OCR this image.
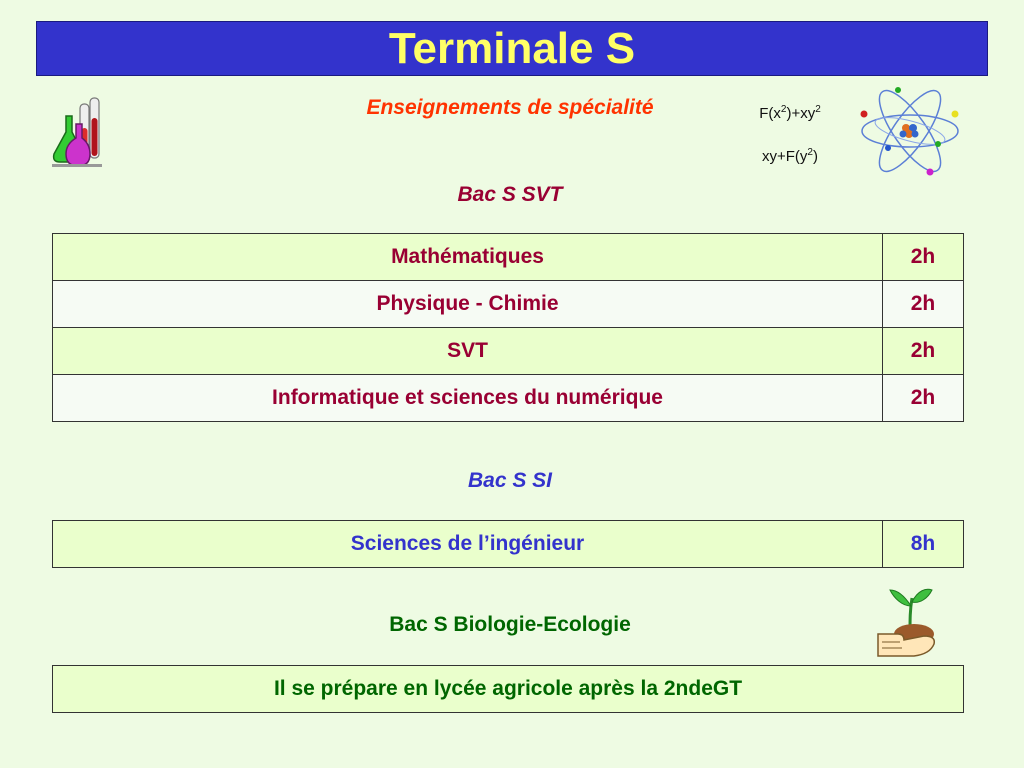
Terminale S
Enseignements de spécialité	$F(x^2)+xy^2$
$xy+F(y^2)$
Bac S SVT
Mathématiques	2h
Physique - Chimie	2h
SVT	2h
Informatique et sciences du numérique	2h
Bac S SI
Sciences de l’ingénieur	8h
Bac S Biologie-Ecologie
Il se prépare en lycée agricole après la 2ndeGT
